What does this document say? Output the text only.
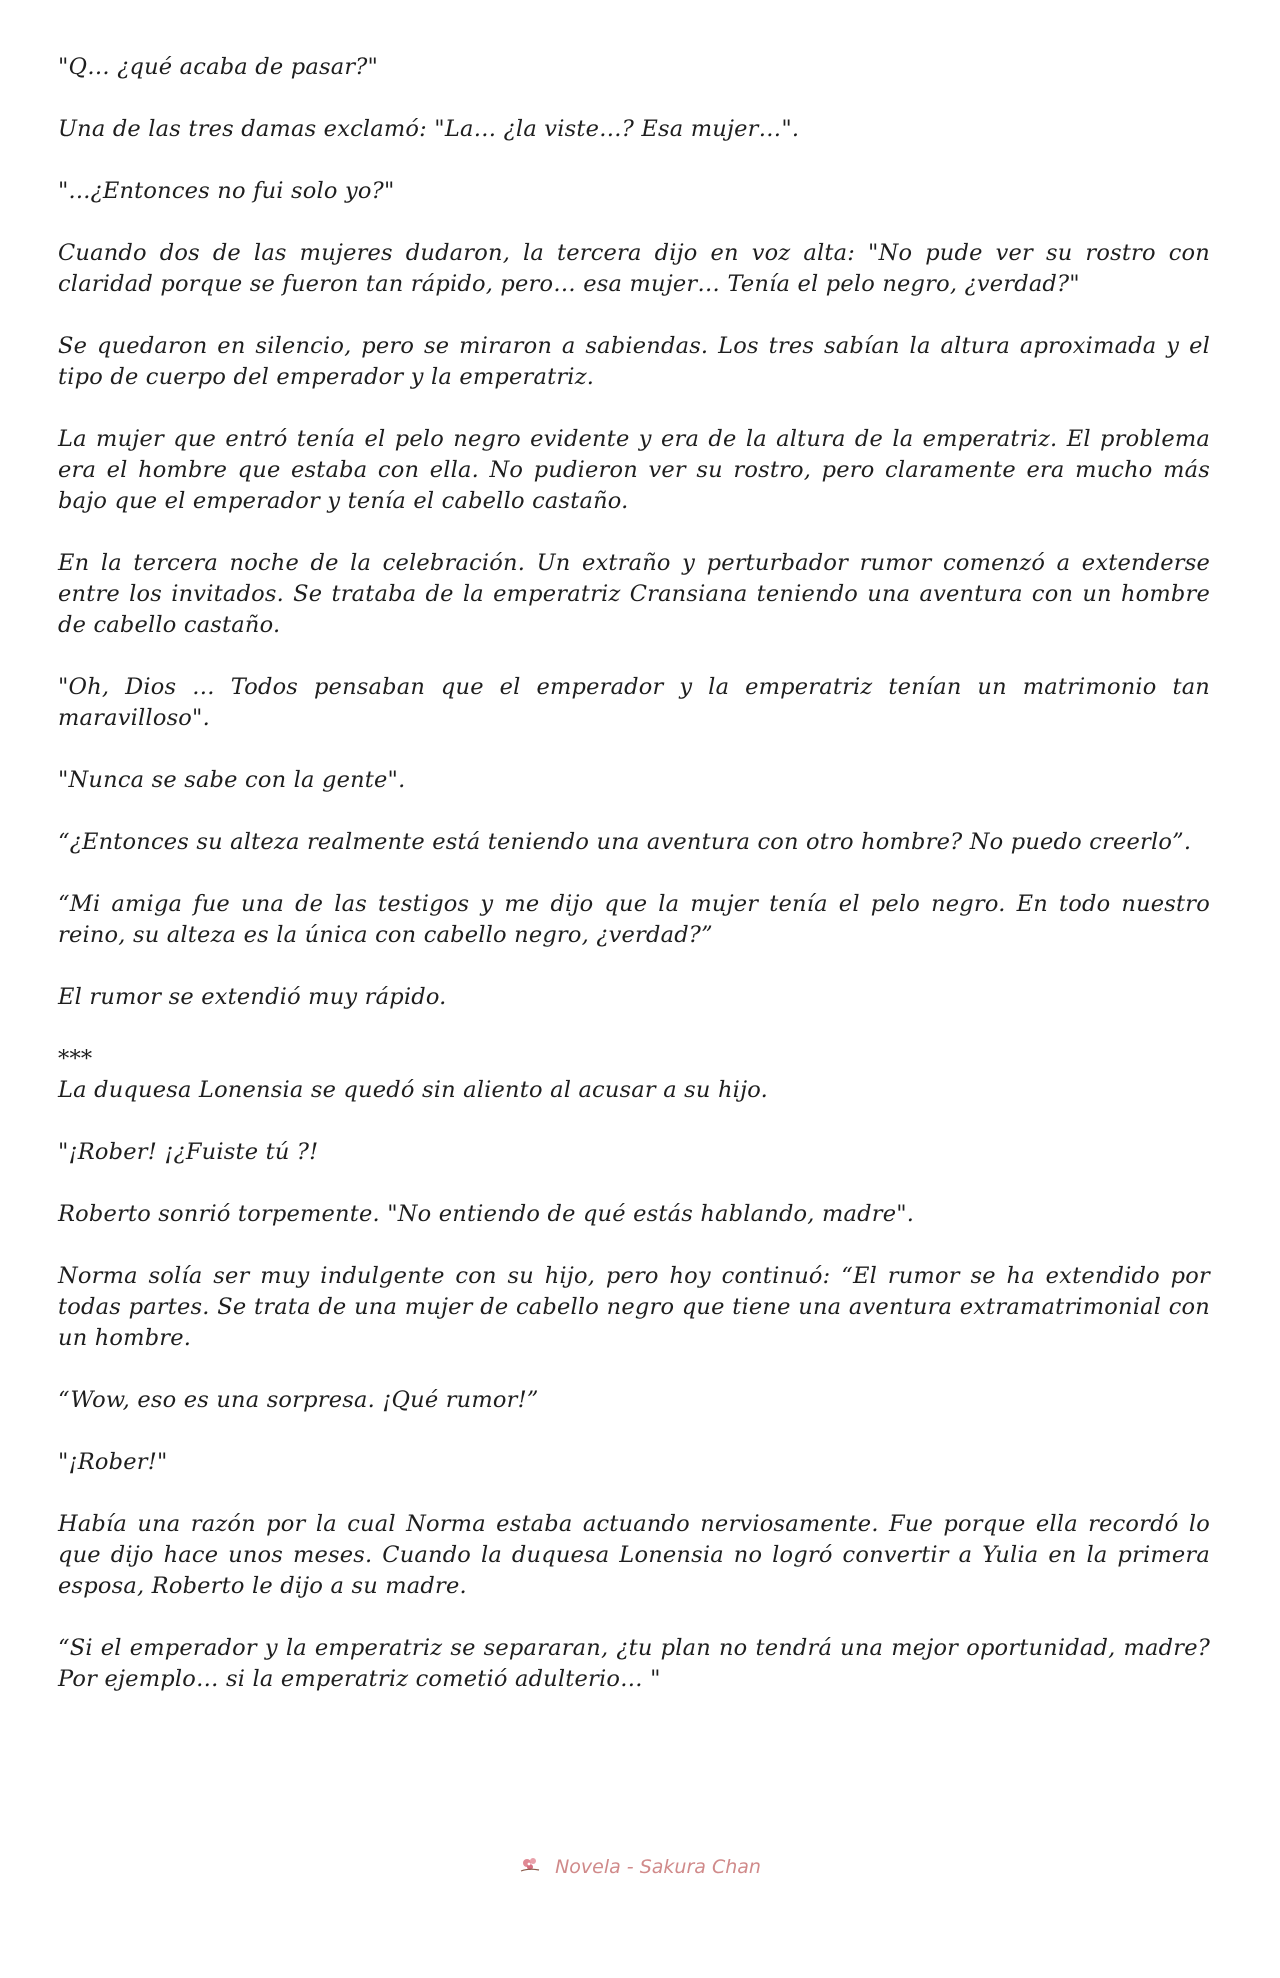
"Q… ¿qué acaba de pasar?"

Una de las tres damas exclamó: "La… ¿la viste…? Esa mujer…".

"...¿Entonces no fui solo yo?"

Cuando dos de las mujeres dudaron, la tercera dijo en voz alta: "No pude ver su rostro con claridad porque se fueron tan rápido, pero… esa mujer… Tenía el pelo negro, ¿verdad?"

Se quedaron en silencio, pero se miraron a sabiendas. Los tres sabían la altura aproximada y el tipo de cuerpo del emperador y la emperatriz.

La mujer que entró tenía el pelo negro evidente y era de la altura de la emperatriz. El problema era el hombre que estaba con ella. No pudieron ver su rostro, pero claramente era mucho más bajo que el emperador y tenía el cabello castaño.

En la tercera noche de la celebración. Un extraño y perturbador rumor comenzó a extenderse entre los invitados. Se trataba de la emperatriz Cransiana teniendo una aventura con un hombre de cabello castaño.

"Oh, Dios … Todos pensaban que el emperador y la emperatriz tenían un matrimonio tan maravilloso".

"Nunca se sabe con la gente".

“¿Entonces su alteza realmente está teniendo una aventura con otro hombre? No puedo creerlo”.

“Mi amiga fue una de las testigos y me dijo que la mujer tenía el pelo negro. En todo nuestro reino, su alteza es la única con cabello negro, ¿verdad?”

El rumor se extendió muy rápido.

***

La duquesa Lonensia se quedó sin aliento al acusar a su hijo.

"¡Rober! ¡¿Fuiste tú ?!

Roberto sonrió torpemente. "No entiendo de qué estás hablando, madre".

Norma solía ser muy indulgente con su hijo, pero hoy continuó: “El rumor se ha extendido por todas partes. Se trata de una mujer de cabello negro que tiene una aventura extramatrimonial con un hombre.

“Wow, eso es una sorpresa. ¡Qué rumor!”

"¡Rober!"

Había una razón por la cual Norma estaba actuando nerviosamente. Fue porque ella recordó lo que dijo hace unos meses. Cuando la duquesa Lonensia no logró convertir a Yulia en la primera esposa, Roberto le dijo a su madre.

“Si el emperador y la emperatriz se separaran, ¿tu plan no tendrá una mejor oportunidad, madre? Por ejemplo… si la emperatriz cometió adulterio… "

Novela - Sakura Chan
